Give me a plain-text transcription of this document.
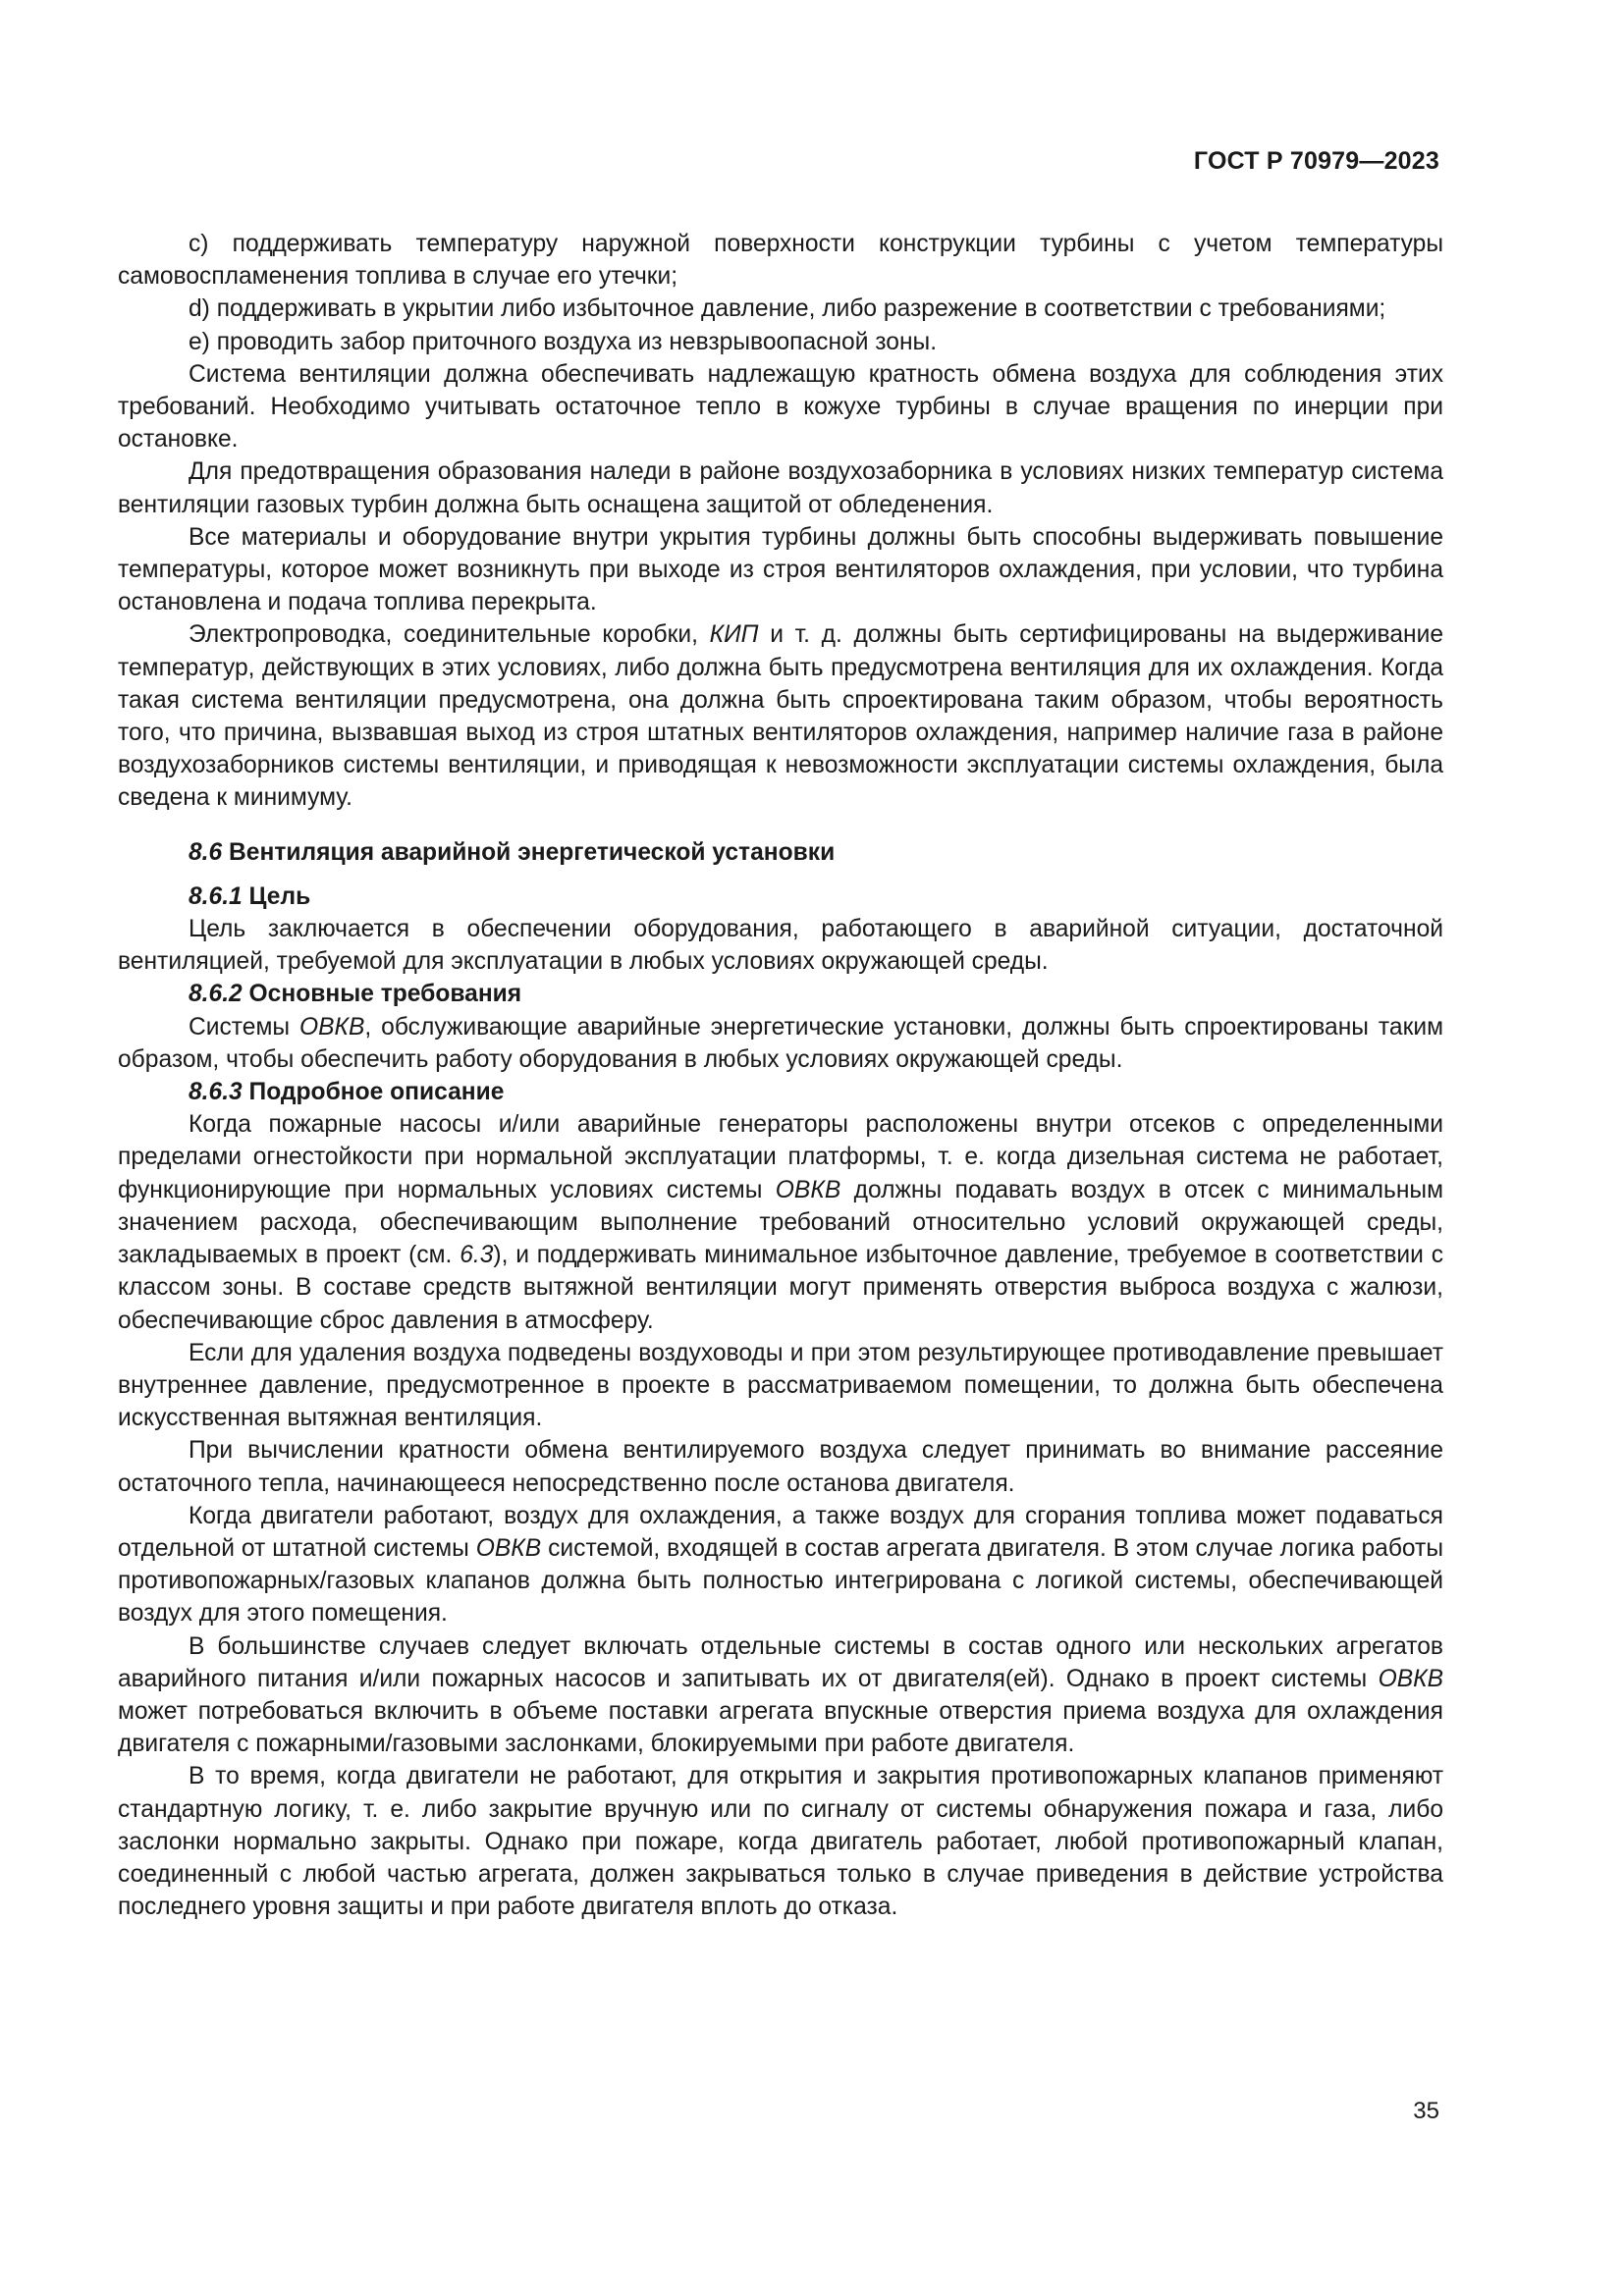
ГОСТ Р 70979—2023

c) поддерживать температуру наружной поверхности конструкции турбины с учетом температуры самовоспламенения топлива в случае его утечки;

d) поддерживать в укрытии либо избыточное давление, либо разрежение в соответствии с требованиями;

e) проводить забор приточного воздуха из невзрывоопасной зоны.

Система вентиляции должна обеспечивать надлежащую кратность обмена воздуха для соблюдения этих требований. Необходимо учитывать остаточное тепло в кожухе турбины в случае вращения по инерции при остановке.

Для предотвращения образования наледи в районе воздухозаборника в условиях низких температур система вентиляции газовых турбин должна быть оснащена защитой от обледенения.

Все материалы и оборудование внутри укрытия турбины должны быть способны выдерживать повышение температуры, которое может возникнуть при выходе из строя вентиляторов охлаждения, при условии, что турбина остановлена и подача топлива перекрыта.

Электропроводка, соединительные коробки, КИП и т. д. должны быть сертифицированы на выдерживание температур, действующих в этих условиях, либо должна быть предусмотрена вентиляция для их охлаждения. Когда такая система вентиляции предусмотрена, она должна быть спроектирована таким образом, чтобы вероятность того, что причина, вызвавшая выход из строя штатных вентиляторов охлаждения, например наличие газа в районе воздухозаборников системы вентиляции, и приводящая к невозможности эксплуатации системы охлаждения, была сведена к минимуму.

8.6 Вентиляция аварийной энергетической установки
8.6.1 Цель

Цель заключается в обеспечении оборудования, работающего в аварийной ситуации, достаточной вентиляцией, требуемой для эксплуатации в любых условиях окружающей среды.

8.6.2 Основные требования

Системы ОВКВ, обслуживающие аварийные энергетические установки, должны быть спроектированы таким образом, чтобы обеспечить работу оборудования в любых условиях окружающей среды.

8.6.3 Подробное описание

Когда пожарные насосы и/или аварийные генераторы расположены внутри отсеков с определенными пределами огнестойкости при нормальной эксплуатации платформы, т. е. когда дизельная система не работает, функционирующие при нормальных условиях системы ОВКВ должны подавать воздух в отсек с минимальным значением расхода, обеспечивающим выполнение требований относительно условий окружающей среды, закладываемых в проект (см. 6.3), и поддерживать минимальное избыточное давление, требуемое в соответствии с классом зоны. В составе средств вытяжной вентиляции могут применять отверстия выброса воздуха с жалюзи, обеспечивающие сброс давления в атмосферу.

Если для удаления воздуха подведены воздуховоды и при этом результирующее противодавление превышает внутреннее давление, предусмотренное в проекте в рассматриваемом помещении, то должна быть обеспечена искусственная вытяжная вентиляция.

При вычислении кратности обмена вентилируемого воздуха следует принимать во внимание рассеяние остаточного тепла, начинающееся непосредственно после останова двигателя.

Когда двигатели работают, воздух для охлаждения, а также воздух для сгорания топлива может подаваться отдельной от штатной системы ОВКВ системой, входящей в состав агрегата двигателя. В этом случае логика работы противопожарных/газовых клапанов должна быть полностью интегрирована с логикой системы, обеспечивающей воздух для этого помещения.

В большинстве случаев следует включать отдельные системы в состав одного или нескольких агрегатов аварийного питания и/или пожарных насосов и запитывать их от двигателя(ей). Однако в проект системы ОВКВ может потребоваться включить в объеме поставки агрегата впускные отверстия приема воздуха для охлаждения двигателя с пожарными/газовыми заслонками, блокируемыми при работе двигателя.

В то время, когда двигатели не работают, для открытия и закрытия противопожарных клапанов применяют стандартную логику, т. е. либо закрытие вручную или по сигналу от системы обнаружения пожара и газа, либо заслонки нормально закрыты. Однако при пожаре, когда двигатель работает, любой противопожарный клапан, соединенный с любой частью агрегата, должен закрываться только в случае приведения в действие устройства последнего уровня защиты и при работе двигателя вплоть до отказа.

35
